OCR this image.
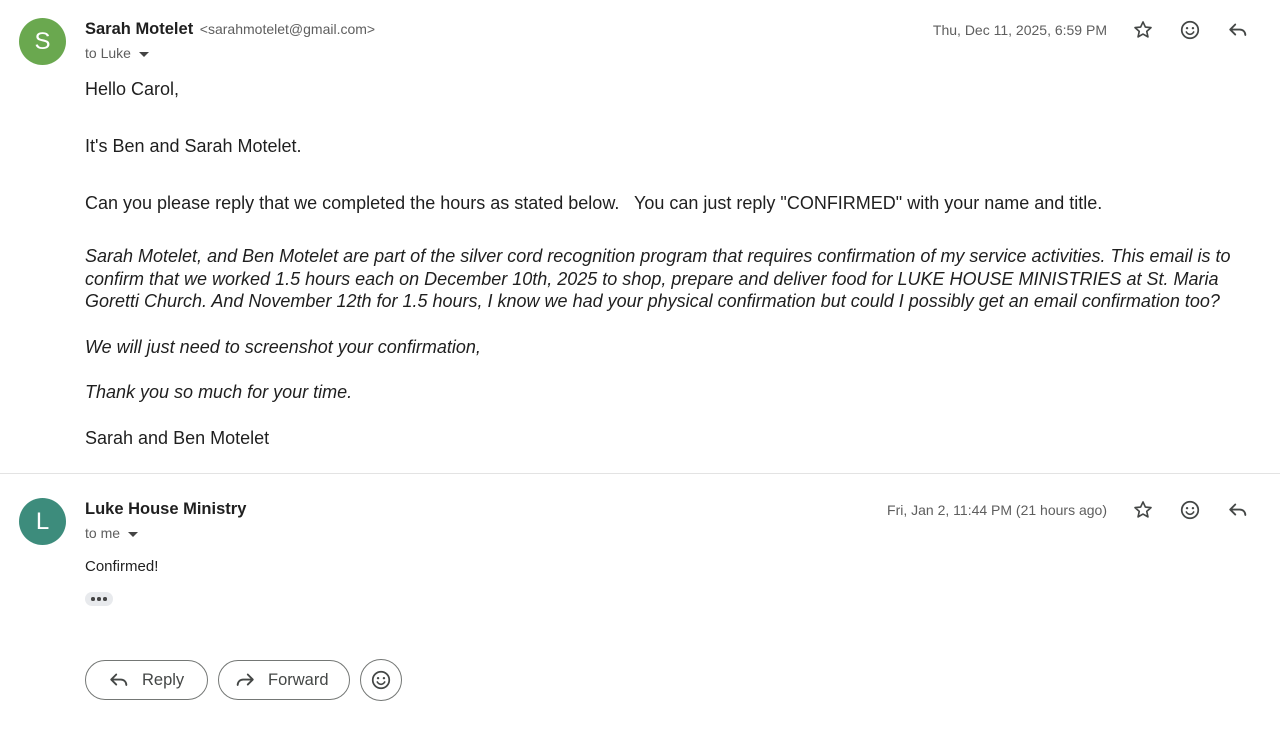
S	Sarah Motelet <sarahmotelet@gmail.com>
to Luke
Thu, Dec 11, 2025, 6:59 PM
Hello Carol,
It's Ben and Sarah Motelet.
Can you please reply that we completed the hours as stated below.   You can just reply "CONFIRMED" with your name and title.
Sarah Motelet, and Ben Motelet are part of the silver cord recognition program that requires confirmation of my service activities. This email is to confirm that we worked 1.5 hours each on December 10th, 2025 to shop, prepare and deliver food for LUKE HOUSE MINISTRIES at St. Maria Goretti Church. And November 12th for 1.5 hours, I know we had your physical confirmation but could I possibly get an email confirmation too?
We will just need to screenshot your confirmation,
Thank you so much for your time.
Sarah and Ben Motelet
L	Luke House Ministry
to me
Fri, Jan 2, 11:44 PM (21 hours ago)
Confirmed!
Reply	Forward
